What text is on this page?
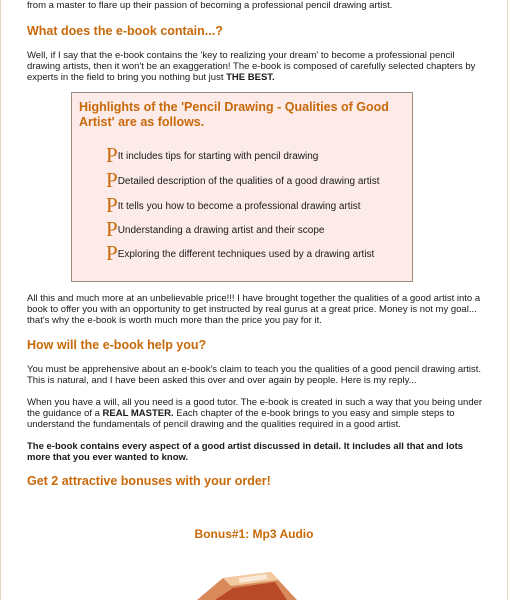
from a master to flare up their passion of becoming a professional pencil drawing artist.

What does the e-book contain...?

Well, if I say that the e-book contains the 'key to realizing your dream' to become a professional pencil drawing artists, then it won't be an exaggeration! The e-book is composed of carefully selected chapters by experts in the field to bring you nothing but just THE BEST.

Highlights of the 'Pencil Drawing - Qualities of Good Artist' are as follows.
P It includes tips for starting with pencil drawing
P Detailed description of the qualities of a good drawing artist
P It tells you how to become a professional drawing artist
P Understanding a drawing artist and their scope
P Exploring the different techniques used by a drawing artist

All this and much more at an unbelievable price!!! I have brought together the qualities of a good artist into a book to offer you with an opportunity to get instructed by real gurus at a great price. Money is not my goal... that's why the e-book is worth much more than the price you pay for it.

How will the e-book help you?

You must be apprehensive about an e-book's claim to teach you the qualities of a good pencil drawing artist. This is natural, and I have been asked this over and over again by people. Here is my reply...

When you have a will, all you need is a good tutor. The e-book is created in such a way that you being under the guidance of a REAL MASTER. Each chapter of the e-book brings to you easy and simple steps to understand the fundamentals of pencil drawing and the qualities required in a good artist.

The e-book contains every aspect of a good artist discussed in detail. It includes all that and lots more that you ever wanted to know.

Get 2 attractive bonuses with your order!
Bonus#1: Mp3 Audio
